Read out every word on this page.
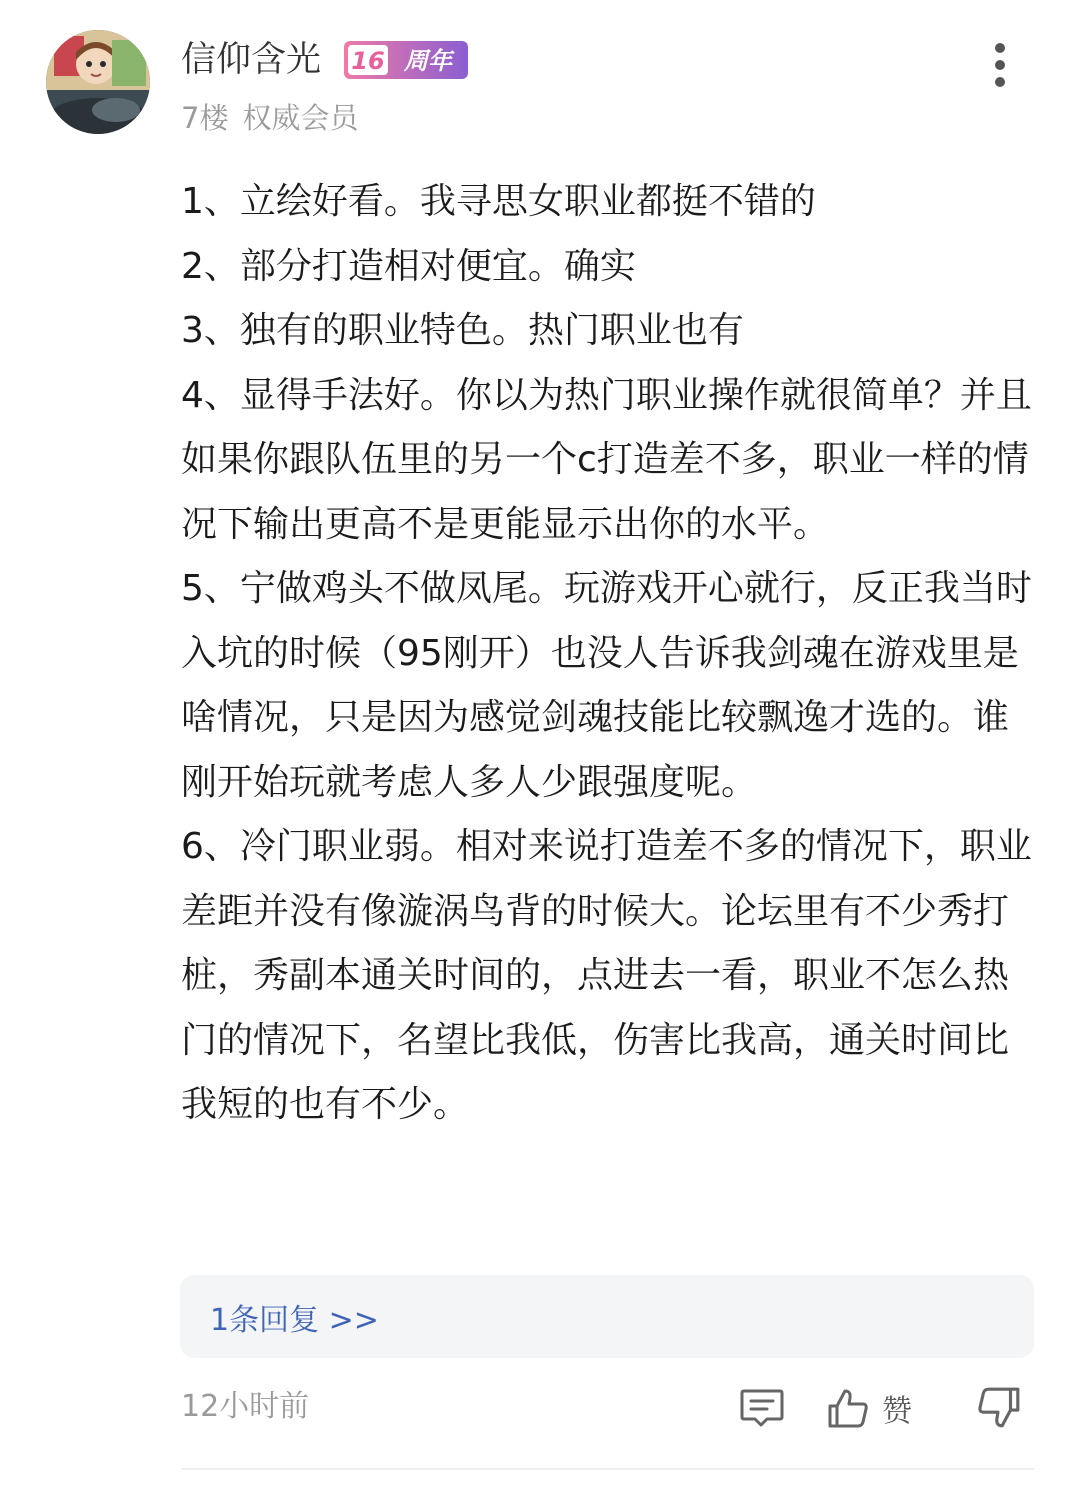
信仰含光 16 周年
7楼 权威会员

1、立绘好看。我寻思女职业都挺不错的

2、部分打造相对便宜。确实

3、独有的职业特色。热门职业也有

4、显得手法好。你以为热门职业操作就很简单？并且如果你跟队伍里的另一个c打造差不多，职业一样的情况下输出更高不是更能显示出你的水平。

5、宁做鸡头不做凤尾。玩游戏开心就行，反正我当时入坑的时候（95刚开）也没人告诉我剑魂在游戏里是啥情况，只是因为感觉剑魂技能比较飘逸才选的。谁刚开始玩就考虑人多人少跟强度呢。

6、冷门职业弱。相对来说打造差不多的情况下，职业差距并没有像漩涡鸟背的时候大。论坛里有不少秀打桩，秀副本通关时间的，点进去一看，职业不怎么热门的情况下，名望比我低，伤害比我高，通关时间比我短的也有不少。

1条回复 >>
12小时前	赞
